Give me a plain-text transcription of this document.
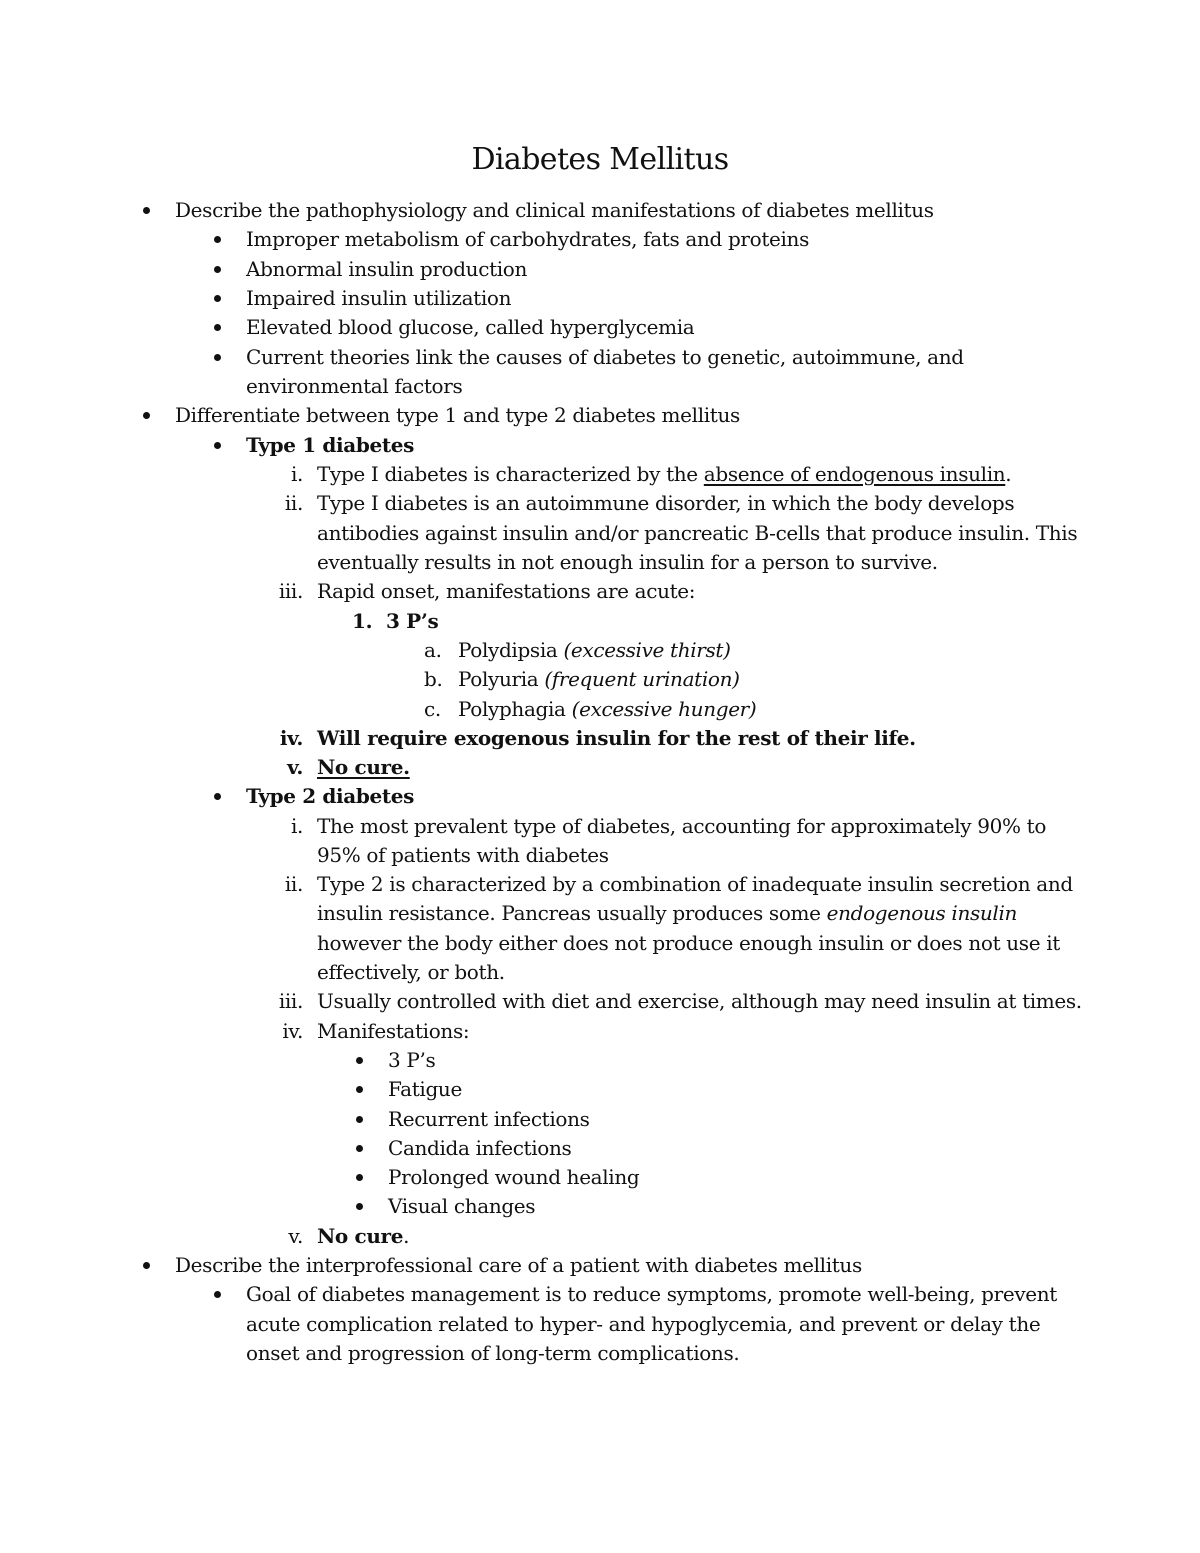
Diabetes Mellitus
Describe the pathophysiology and clinical manifestations of diabetes mellitus
Improper metabolism of carbohydrates, fats and proteins
Abnormal insulin production
Impaired insulin utilization
Elevated blood glucose, called hyperglycemia
Current theories link the causes of diabetes to genetic, autoimmune, and
environmental factors
Differentiate between type 1 and type 2 diabetes mellitus
Type 1 diabetes
i. Type I diabetes is characterized by the absence of endogenous insulin.
ii. Type I diabetes is an autoimmune disorder, in which the body develops
antibodies against insulin and/or pancreatic B-cells that produce insulin. This
eventually results in not enough insulin for a person to survive.
iii. Rapid onset, manifestations are acute:
1. 3 P’s
a. Polydipsia (excessive thirst)
b. Polyuria (frequent urination)
c. Polyphagia (excessive hunger)
iv. Will require exogenous insulin for the rest of their life.
v. No cure.
Type 2 diabetes
i. The most prevalent type of diabetes, accounting for approximately 90% to
95% of patients with diabetes
ii. Type 2 is characterized by a combination of inadequate insulin secretion and
insulin resistance. Pancreas usually produces some endogenous insulin
however the body either does not produce enough insulin or does not use it
effectively, or both.
iii. Usually controlled with diet and exercise, although may need insulin at times.
iv. Manifestations:
3 P’s
Fatigue
Recurrent infections
Candida infections
Prolonged wound healing
Visual changes
v. No cure.
Describe the interprofessional care of a patient with diabetes mellitus
Goal of diabetes management is to reduce symptoms, promote well-being, prevent
acute complication related to hyper- and hypoglycemia, and prevent or delay the
onset and progression of long-term complications.
